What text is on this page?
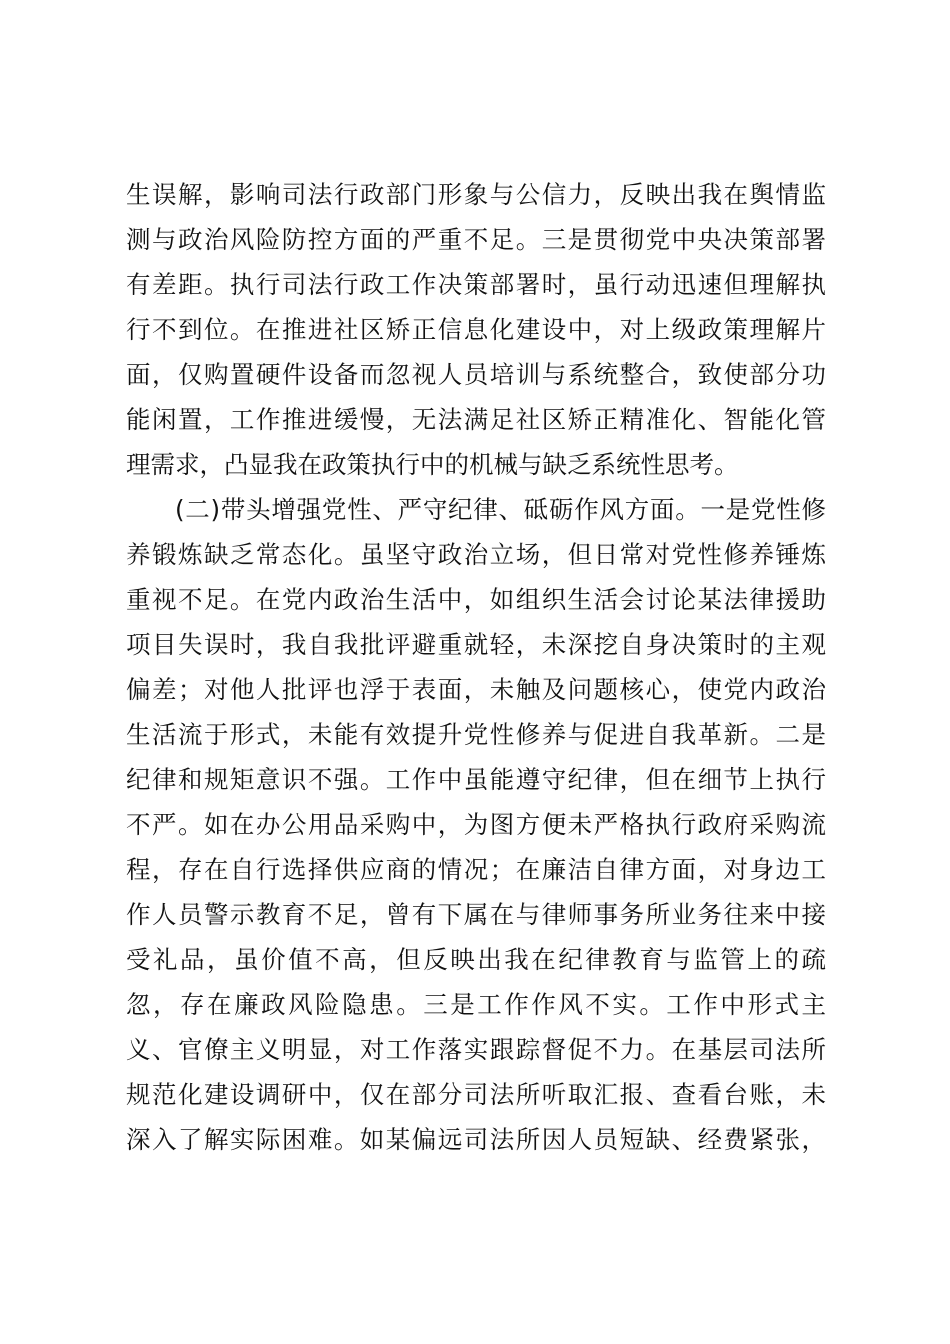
生误解，影响司法行政部门形象与公信力，反映出我在舆情监
测与政治风险防控方面的严重不足。三是贯彻党中央决策部署
有差距。执行司法行政工作决策部署时，虽行动迅速但理解执
行不到位。在推进社区矫正信息化建设中，对上级政策理解片
面，仅购置硬件设备而忽视人员培训与系统整合，致使部分功
能闲置，工作推进缓慢，无法满足社区矫正精准化、智能化管
理需求，凸显我在政策执行中的机械与缺乏系统性思考。
(二)带头增强党性、严守纪律、砥砺作风方面。一是党性修
养锻炼缺乏常态化。虽坚守政治立场，但日常对党性修养锤炼
重视不足。在党内政治生活中，如组织生活会讨论某法律援助
项目失误时，我自我批评避重就轻，未深挖自身决策时的主观
偏差；对他人批评也浮于表面，未触及问题核心，使党内政治
生活流于形式，未能有效提升党性修养与促进自我革新。二是
纪律和规矩意识不强。工作中虽能遵守纪律，但在细节上执行
不严。如在办公用品采购中，为图方便未严格执行政府采购流
程，存在自行选择供应商的情况；在廉洁自律方面，对身边工
作人员警示教育不足，曾有下属在与律师事务所业务往来中接
受礼品，虽价值不高，但反映出我在纪律教育与监管上的疏
忽，存在廉政风险隐患。三是工作作风不实。工作中形式主
义、官僚主义明显，对工作落实跟踪督促不力。在基层司法所
规范化建设调研中，仅在部分司法所听取汇报、查看台账，未
深入了解实际困难。如某偏远司法所因人员短缺、经费紧张，
